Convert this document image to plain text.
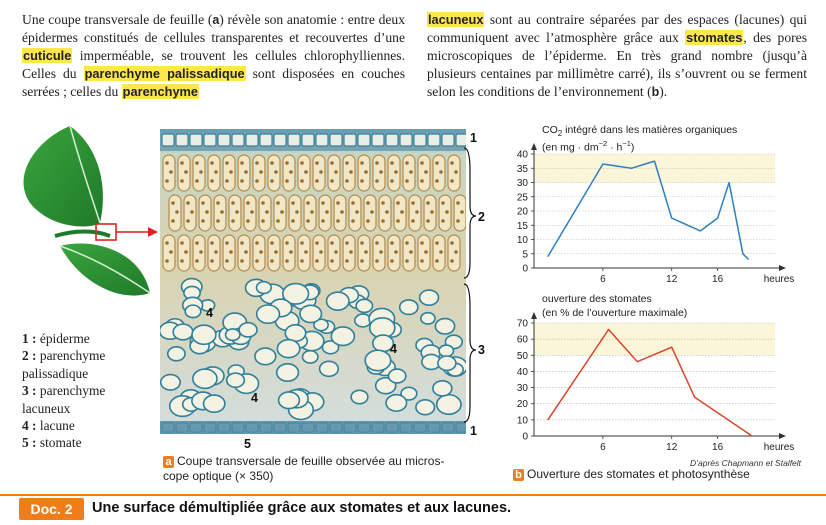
Une coupe transversale de feuille (a) révèle son anatomie : entre deux épidermes constitués de cellules transparentes et recouvertes d’une cuticule imperméable, se trouvent les cellules chlorophylliennes. Celles du parenchyme palissadique sont disposées en couches serrées ; celles du parenchyme
lacuneux sont au contraire séparées par des espaces (lacunes) qui communiquent avec l’atmosphère grâce aux stomates, des pores microscopiques de l’épiderme. En très grand nombre (jusqu’à plusieurs centaines par millimètre carré), ils s’ouvrent ou se ferment selon les conditions de l’environnement (b).
1 : épiderme
2 : parenchyme
palissadique
3 : parenchyme
lacuneux
4 : lacune
5 : stomate
1
2
3
1
4
4
4
5
a Coupe transversale de feuille observée au micros-
cope optique (× 350)
$CO_2$ intégré dans les matières organiques
(en mg · $dm^{-2} \cdot h^{-1}$)
0
5
10
15
20
25
30
35
40
6	12	16	heures
ouverture des stomates
(en % de l’ouverture maximale)
0
10
20
30
40
50
60
70
6	12	16	heures
D’après Chapmann et Stalfelt
b Ouverture des stomates et photosynthèse
Doc. 2	Une surface démultipliée grâce aux stomates et aux lacunes.
